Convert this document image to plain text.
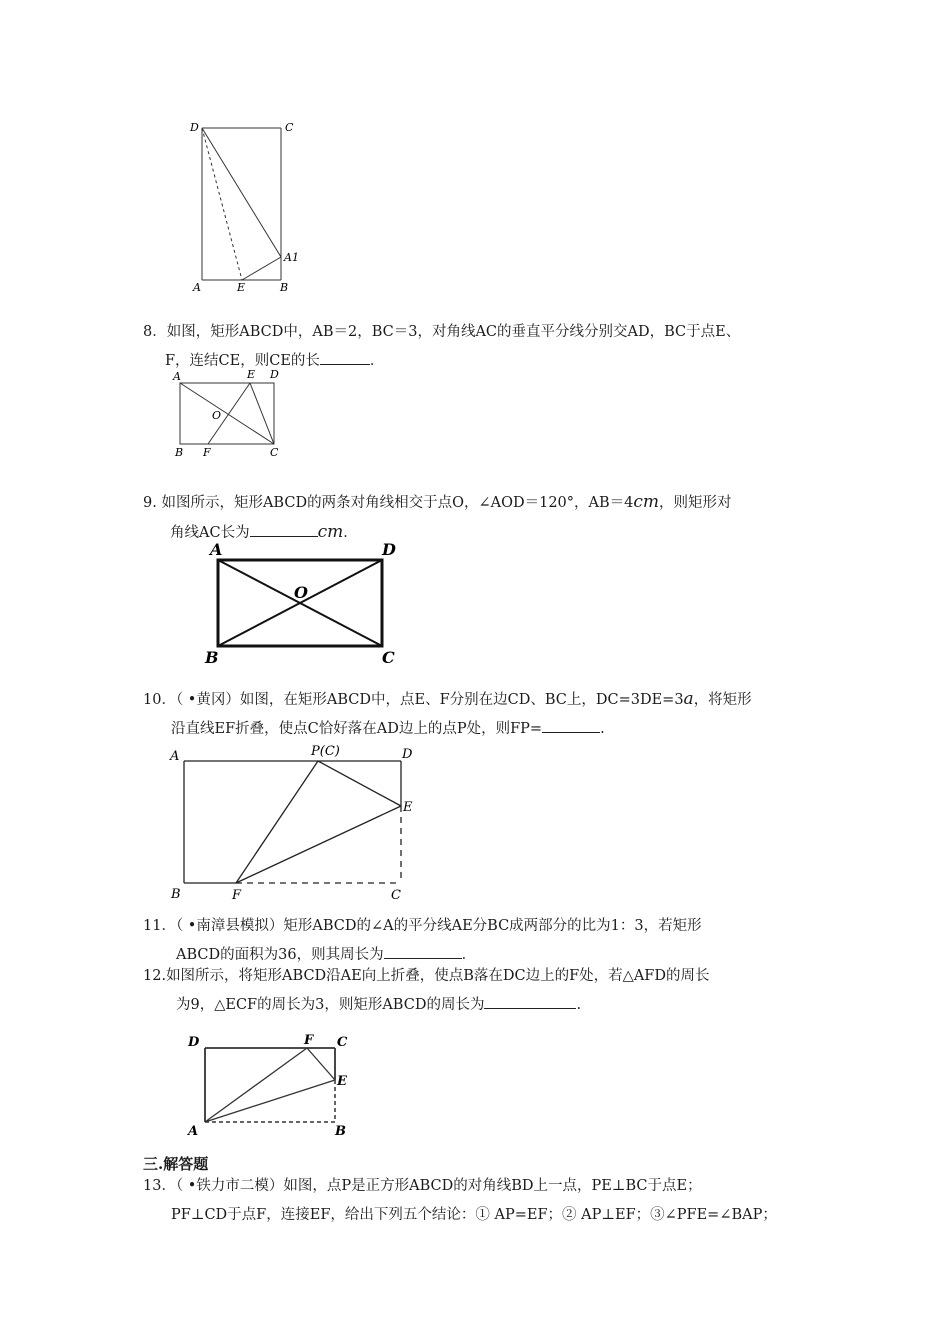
D	C
A1
A	E	B
8．如图，矩形ABCD中，AB＝2，BC＝3，对角线AC的垂直平分线分别交AD，BC于点E、
F，连结CE，则CE的长	．
A	E D
O
B F	C
9. 如图所示，矩形ABCD的两条对角线相交于点O，∠AOD＝120°，AB＝4cm，则矩形对
角线AC长为	cm．
A	D
O
B	C
10．（ •黄冈）如图，在矩形ABCD中，点E、F分别在边CD、BC上，DC=3DE=3a，将矩形
沿直线EF折叠，使点C恰好落在AD边上的点P处，则FP=	.
A	P(C)	D
E
B	F	C
11．（ •南漳县模拟）矩形ABCD的∠A的平分线AE分BC成两部分的比为1：3，若矩形
ABCD的面积为36，则其周长为	．
12.如图所示，将矩形ABCD沿AE向上折叠，使点B落在DC边上的F处，若△AFD的周长
为9，△ECF的周长为3，则矩形ABCD的周长为	.
D	F C
E
A	B
三.解答题
13．（ •铁力市二模）如图，点P是正方形ABCD的对角线BD上一点，PE⊥BC于点E；
PF⊥CD于点F，连接EF，给出下列五个结论：① AP=EF；② AP⊥EF；③∠PFE=∠BAP；
